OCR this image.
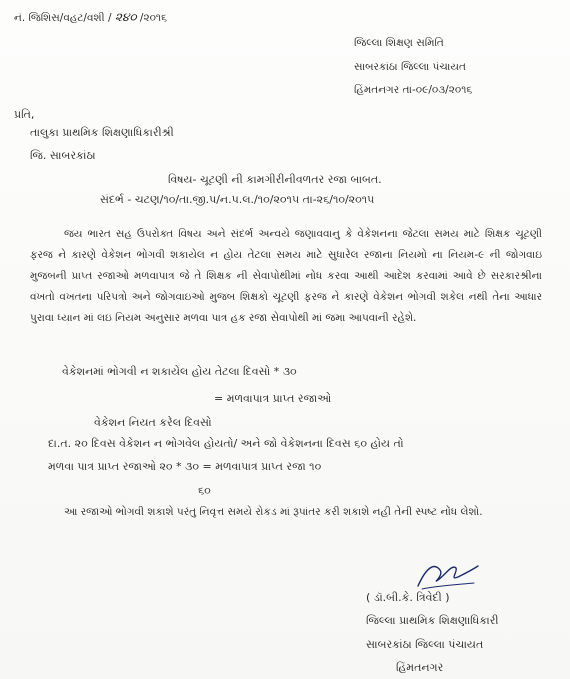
નં. જિશિસ/વહટ/વશી / ૨૪૦ /૨૦૧૬
જિલ્લા શિક્ષણ સમિતિ
સાબરકાંઠા જિલ્લા પંચાયત
હિંમતનગર તા-૦૯/૦૩/૨૦૧૬
પ્રતિ,
તાલુકા પ્રાથમિક શિક્ષણાધિકારીશ્રી
જિ. સાબરકાંઠા
વિષય- ચૂટણી ની કામગીરીનીવળતર રજા બાબત.
સંદર્ભ - ચટણ/૧૦/તા.જી.પ/ન.પ.લ./૧૦/૨૦૧૫ તા-૨૬/૧૦/૨૦૧૫
જય ભારત સહ ઉપરોક્ત વિષય અને સંદર્ભ અન્વયે જણાવવાનુ કે વેકેશનના જેટલા સમય માટે શિક્ષક ચૂટણી ફરજ ને કારણે વેકેશન ભોગવી શકાયેલ ન હોય તેટલા સમય માટે સુધારેલ રજાના નિયમો ના નિયમ-૯ ની જોગવાઇ મુજબની પ્રાપ્ત રજાઓ મળવાપાત્ર જે તે શિક્ષક ની સેવાપોથીમાં નોધ કરવા આથી આદેશ કરવામાં આવે છે સરકારશ્રીના વખતો વખતના પરિપત્રો અને જોગવાઇઓ મુજબ શિક્ષકો ચૂટણી ફરજ ને કારણે વેકેશન ભોગવી શકેલ નથી તેના આધાર પુરાવા ધ્યાન માં લઇ નિયમ અનુસાર મળવા પાત્ર હક રજા સેવાપોથી માં જમા આપવાની રહેશે.
વેકેશનમાં ભોગવી ન શકાયેલ હોય તેટલા દિવસો * ૩૦
= મળવાપાત્ર પ્રાપ્ત રજાઓ
વેકેશન નિયત કરેલ દિવસો
દા.ત. ૨૦ દિવસ વેકેશન ન ભોગવેલ હોયતો/ અને જો વેકેશનના દિવસ ૬૦ હોય તો
મળવા પાત્ર પ્રાપ્ત રજાઓ ૨૦ * ૩૦ = મળવાપાત્ર પ્રાપ્ત રજા ૧૦
૬૦
આ રજાઓ ભોગવી શકાશે પરંતુ નિવૃત્ત સમયે રોકડ માં રૂપાંતર કરી શકાશે નહી તેની સ્પષ્ટ નોંધ લેશો.
( ડૉ.બી.કે. ત્રિવેદી )
જિલ્લા પ્રાથમિક શિક્ષણાધિકારી
સાબરકાંઠા જિલ્લા પંચાયત
હિંમતનગર
